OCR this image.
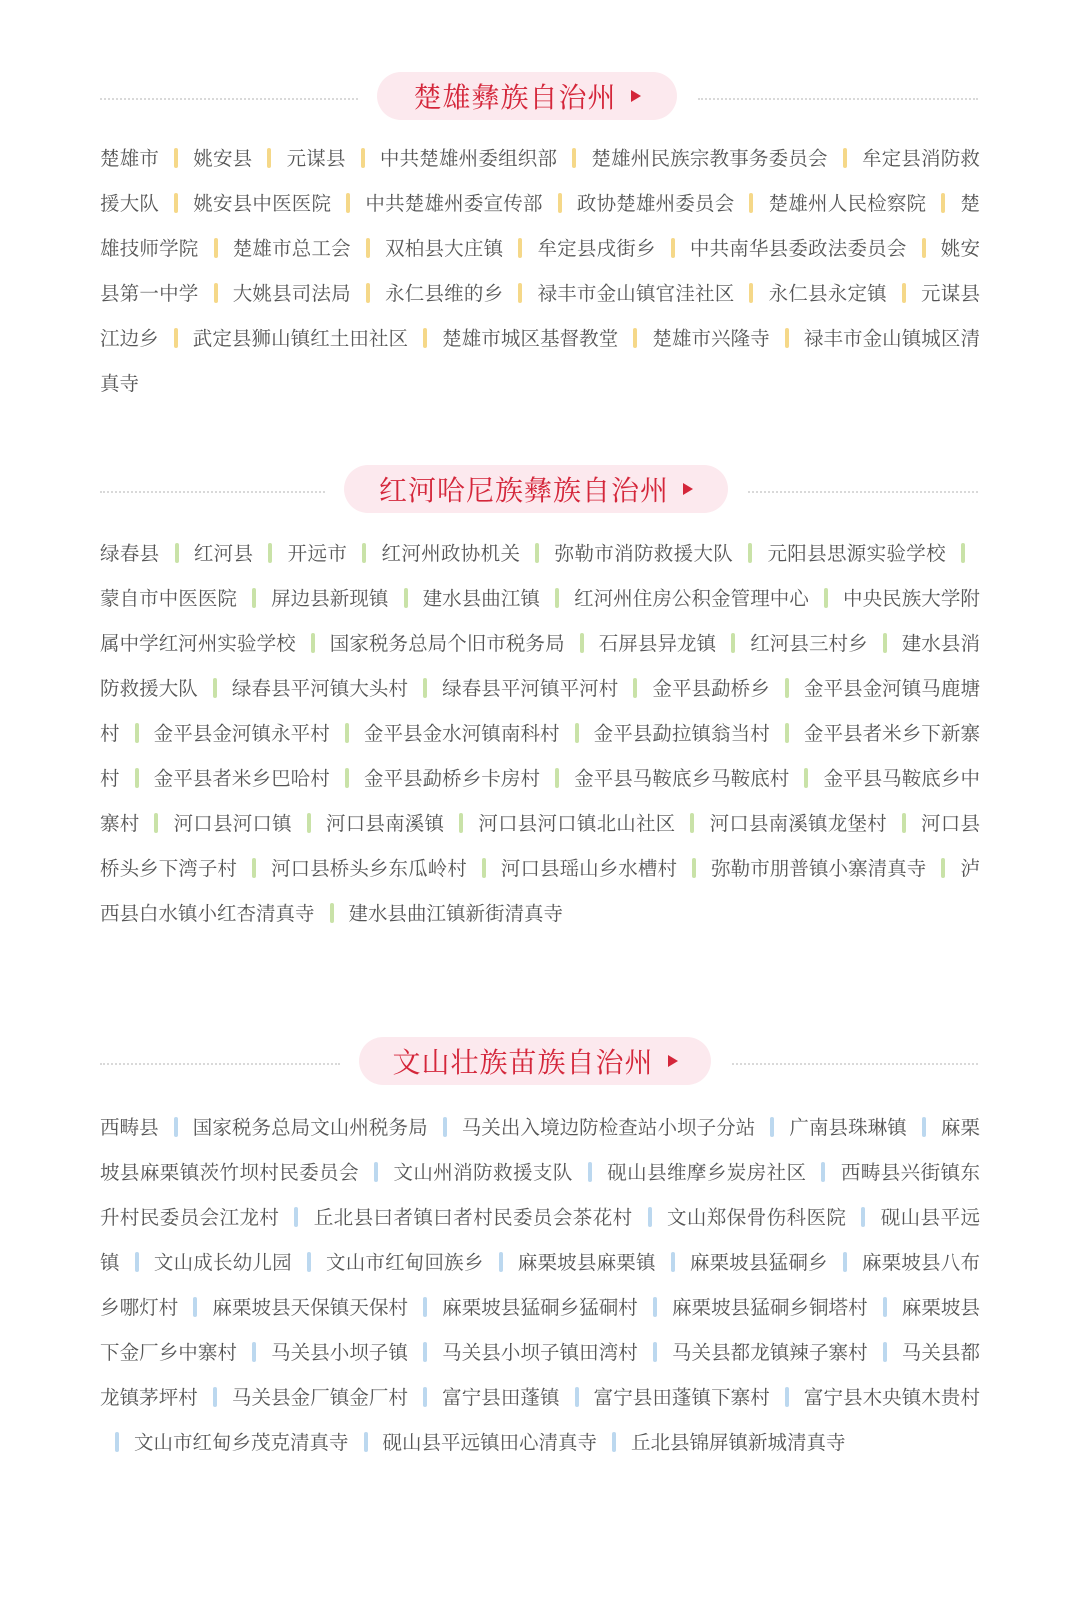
楚雄彝族自治州
楚雄市 姚安县 元谋县 中共楚雄州委组织部 楚雄州民族宗教事务委员会 牟定县消防救援大队 姚安县中医医院 中共楚雄州委宣传部 政协楚雄州委员会 楚雄州人民检察院 楚雄技师学院 楚雄市总工会 双柏县大庄镇 牟定县戌街乡 中共南华县委政法委员会 姚安县第一中学 大姚县司法局 永仁县维的乡 禄丰市金山镇官洼社区 永仁县永定镇 元谋县江边乡 武定县狮山镇红土田社区 楚雄市城区基督教堂 楚雄市兴隆寺 禄丰市金山镇城区清真寺
红河哈尼族彝族自治州
绿春县 红河县 开远市 红河州政协机关 弥勒市消防救援大队 元阳县思源实验学校蒙自市中医医院 屏边县新现镇 建水县曲江镇 红河州住房公积金管理中心 中央民族大学附属中学红河州实验学校 国家税务总局个旧市税务局 石屏县异龙镇 红河县三村乡 建水县消防救援大队 绿春县平河镇大头村 绿春县平河镇平河村 金平县勐桥乡 金平县金河镇马鹿塘村 金平县金河镇永平村 金平县金水河镇南科村 金平县勐拉镇翁当村 金平县者米乡下新寨村 金平县者米乡巴哈村 金平县勐桥乡卡房村 金平县马鞍底乡马鞍底村 金平县马鞍底乡中寨村 河口县河口镇 河口县南溪镇 河口县河口镇北山社区 河口县南溪镇龙堡村 河口县桥头乡下湾子村 河口县桥头乡东瓜岭村 河口县瑶山乡水槽村 弥勒市朋普镇小寨清真寺 泸西县白水镇小红杏清真寺 建水县曲江镇新街清真寺
文山壮族苗族自治州
西畴县 国家税务总局文山州税务局 马关出入境边防检查站小坝子分站 广南县珠琳镇 麻栗坡县麻栗镇茨竹坝村民委员会 文山州消防救援支队 砚山县维摩乡炭房社区 西畴县兴街镇东升村民委员会江龙村 丘北县曰者镇曰者村民委员会茶花村 文山郑保骨伤科医院 砚山县平远镇 文山成长幼儿园 文山市红甸回族乡 麻栗坡县麻栗镇 麻栗坡县猛硐乡 麻栗坡县八布乡哪灯村 麻栗坡县天保镇天保村 麻栗坡县猛硐乡猛硐村 麻栗坡县猛硐乡铜塔村 麻栗坡县下金厂乡中寨村 马关县小坝子镇 马关县小坝子镇田湾村 马关县都龙镇辣子寨村 马关县都龙镇茅坪村 马关县金厂镇金厂村 富宁县田蓬镇 富宁县田蓬镇下寨村 富宁县木央镇木贵村文山市红甸乡茂克清真寺 砚山县平远镇田心清真寺 丘北县锦屏镇新城清真寺
